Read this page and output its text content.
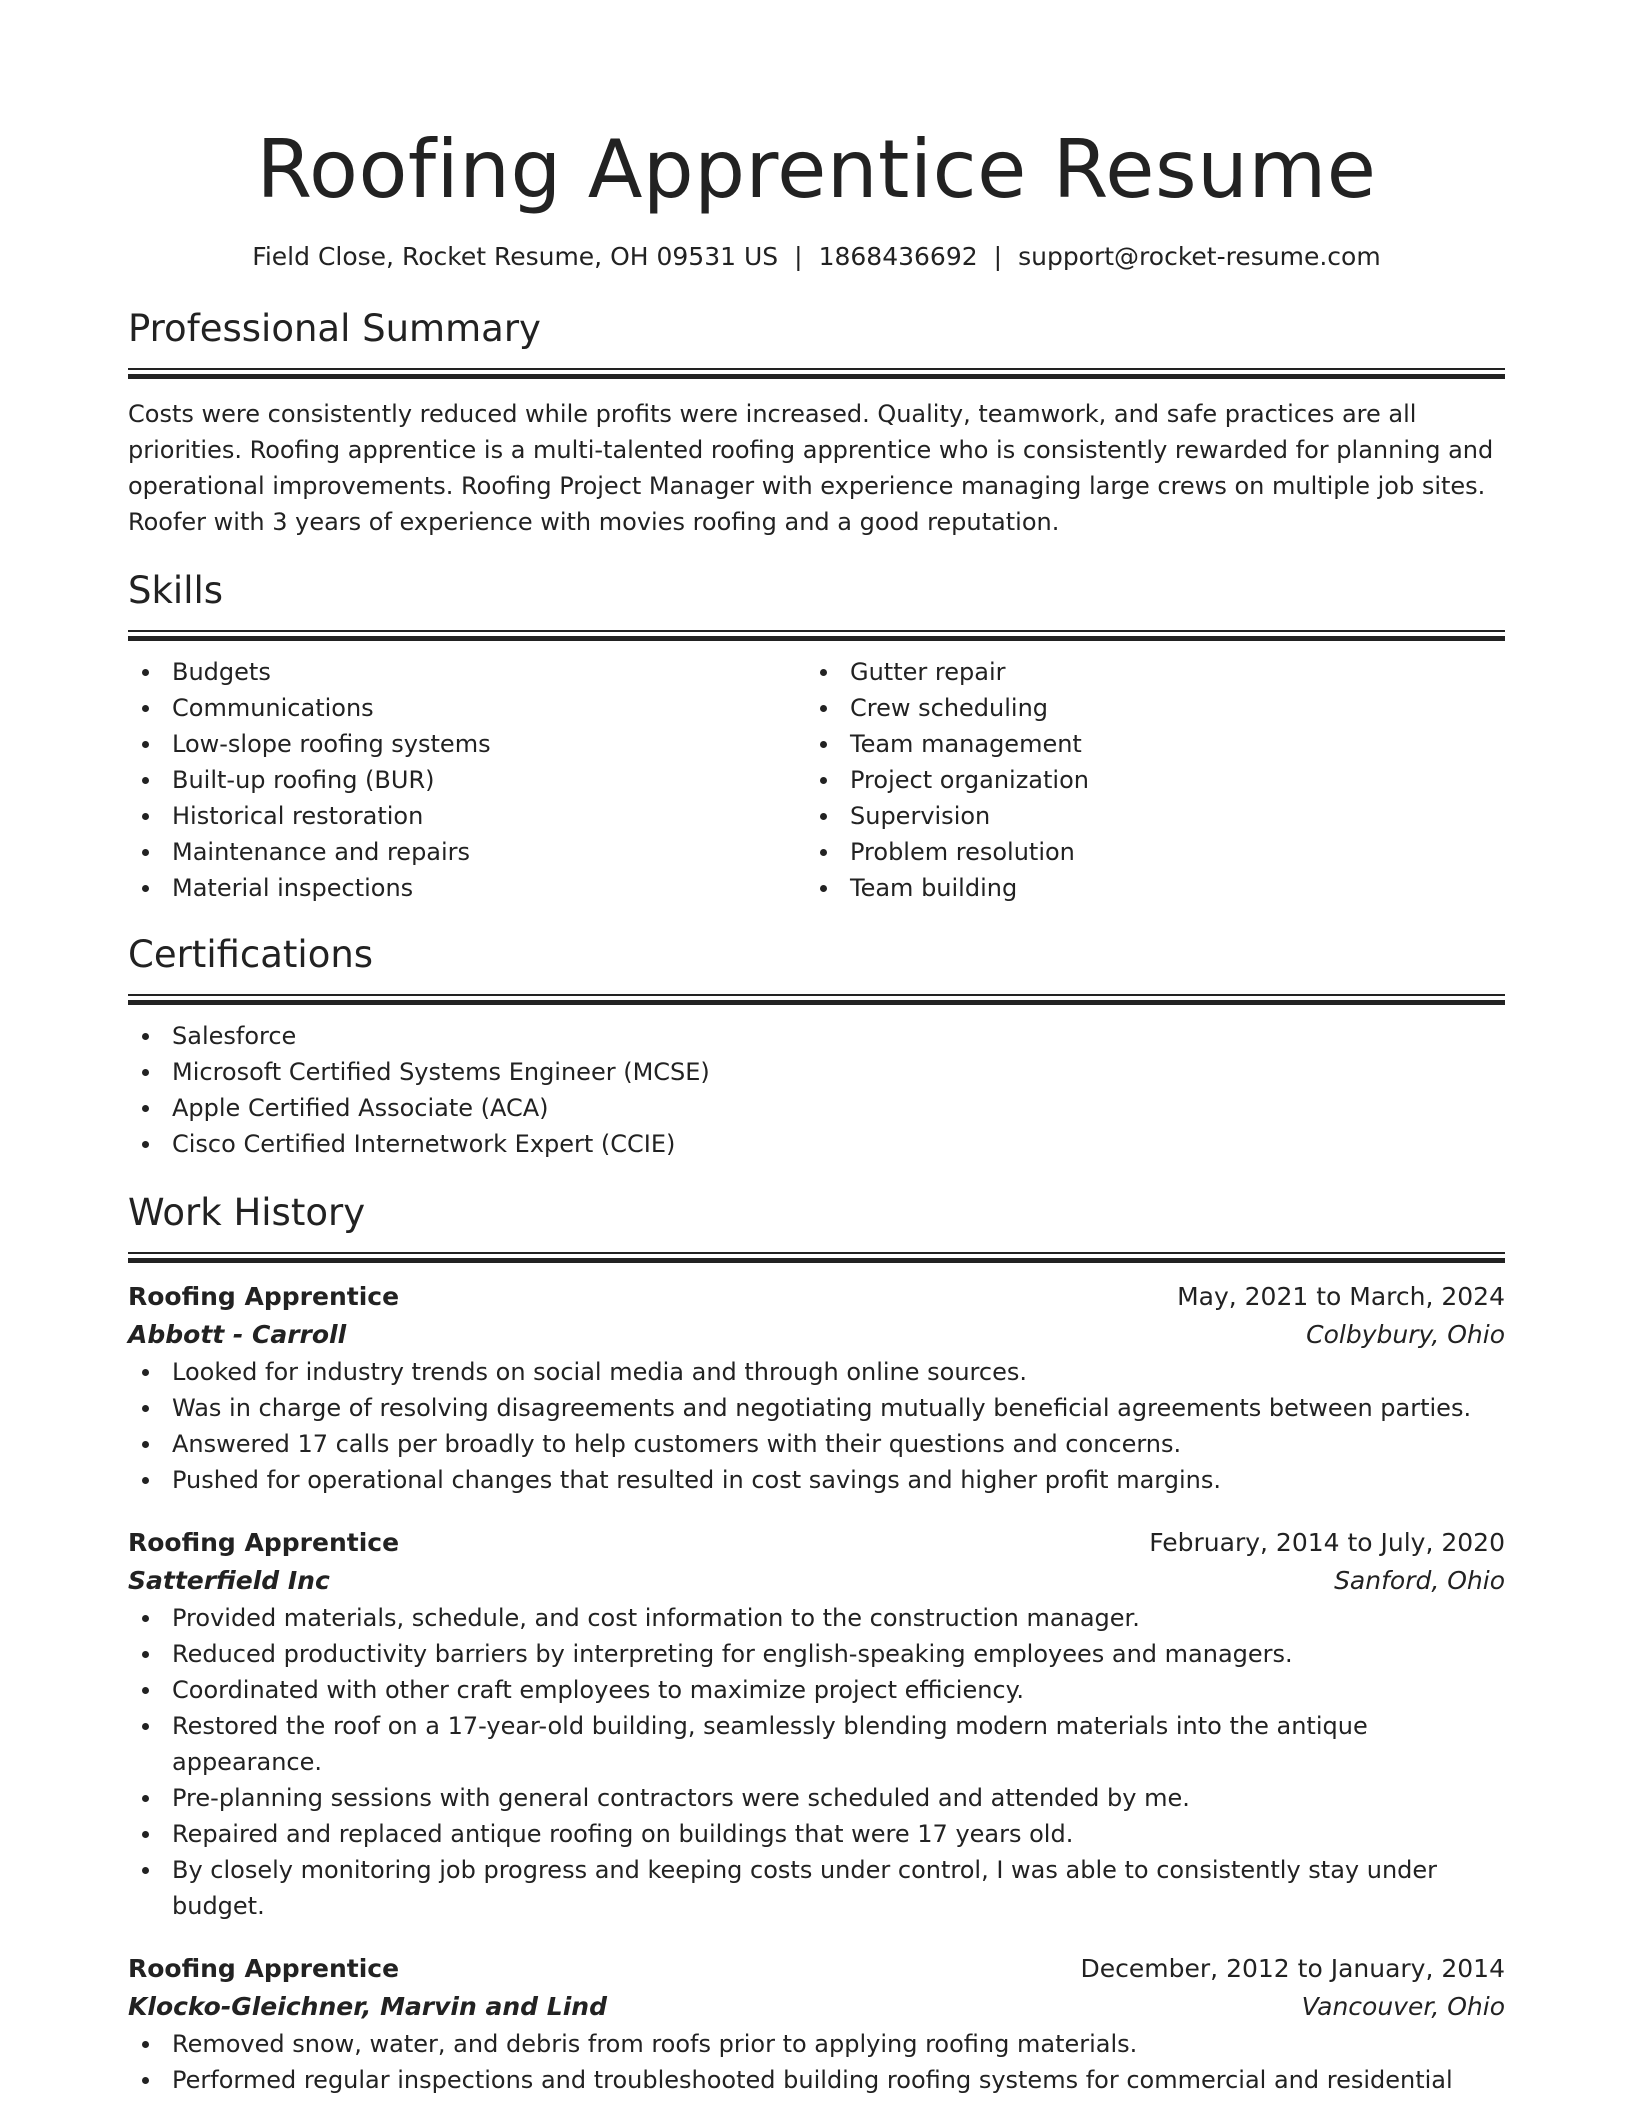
Roofing Apprentice Resume
Field Close, Rocket Resume, OH 09531 US | 1868436692 | support@rocket-resume.com
Professional Summary

Costs were consistently reduced while profits were increased. Quality, teamwork, and safe practices are all priorities. Roofing apprentice is a multi-talented roofing apprentice who is consistently rewarded for planning and operational improvements. Roofing Project Manager with experience managing large crews on multiple job sites. Roofer with 3 years of experience with movies roofing and a good reputation.

Skills
Budgets
Communications
Low-slope roofing systems
Built-up roofing (BUR)
Historical restoration
Maintenance and repairs
Material inspections
Gutter repair
Crew scheduling
Team management
Project organization
Supervision
Problem resolution
Team building
Certifications
Salesforce
Microsoft Certified Systems Engineer (MCSE)
Apple Certified Associate (ACA)
Cisco Certified Internetwork Expert (CCIE)
Work History
Roofing Apprentice	May, 2021 to March, 2024
Abbott - Carroll	Colbybury, Ohio
Looked for industry trends on social media and through online sources.
Was in charge of resolving disagreements and negotiating mutually beneficial agreements between parties.
Answered 17 calls per broadly to help customers with their questions and concerns.
Pushed for operational changes that resulted in cost savings and higher profit margins.
Roofing Apprentice	February, 2014 to July, 2020
Satterfield Inc	Sanford, Ohio
Provided materials, schedule, and cost information to the construction manager.
Reduced productivity barriers by interpreting for english-speaking employees and managers.
Coordinated with other craft employees to maximize project efficiency.
Restored the roof on a 17-year-old building, seamlessly blending modern materials into the antique appearance.
Pre-planning sessions with general contractors were scheduled and attended by me.
Repaired and replaced antique roofing on buildings that were 17 years old.
By closely monitoring job progress and keeping costs under control, I was able to consistently stay under budget.
Roofing Apprentice	December, 2012 to January, 2014
Klocko-Gleichner, Marvin and Lind	Vancouver, Ohio
Removed snow, water, and debris from roofs prior to applying roofing materials.
Performed regular inspections and troubleshooted building roofing systems for commercial and residential
